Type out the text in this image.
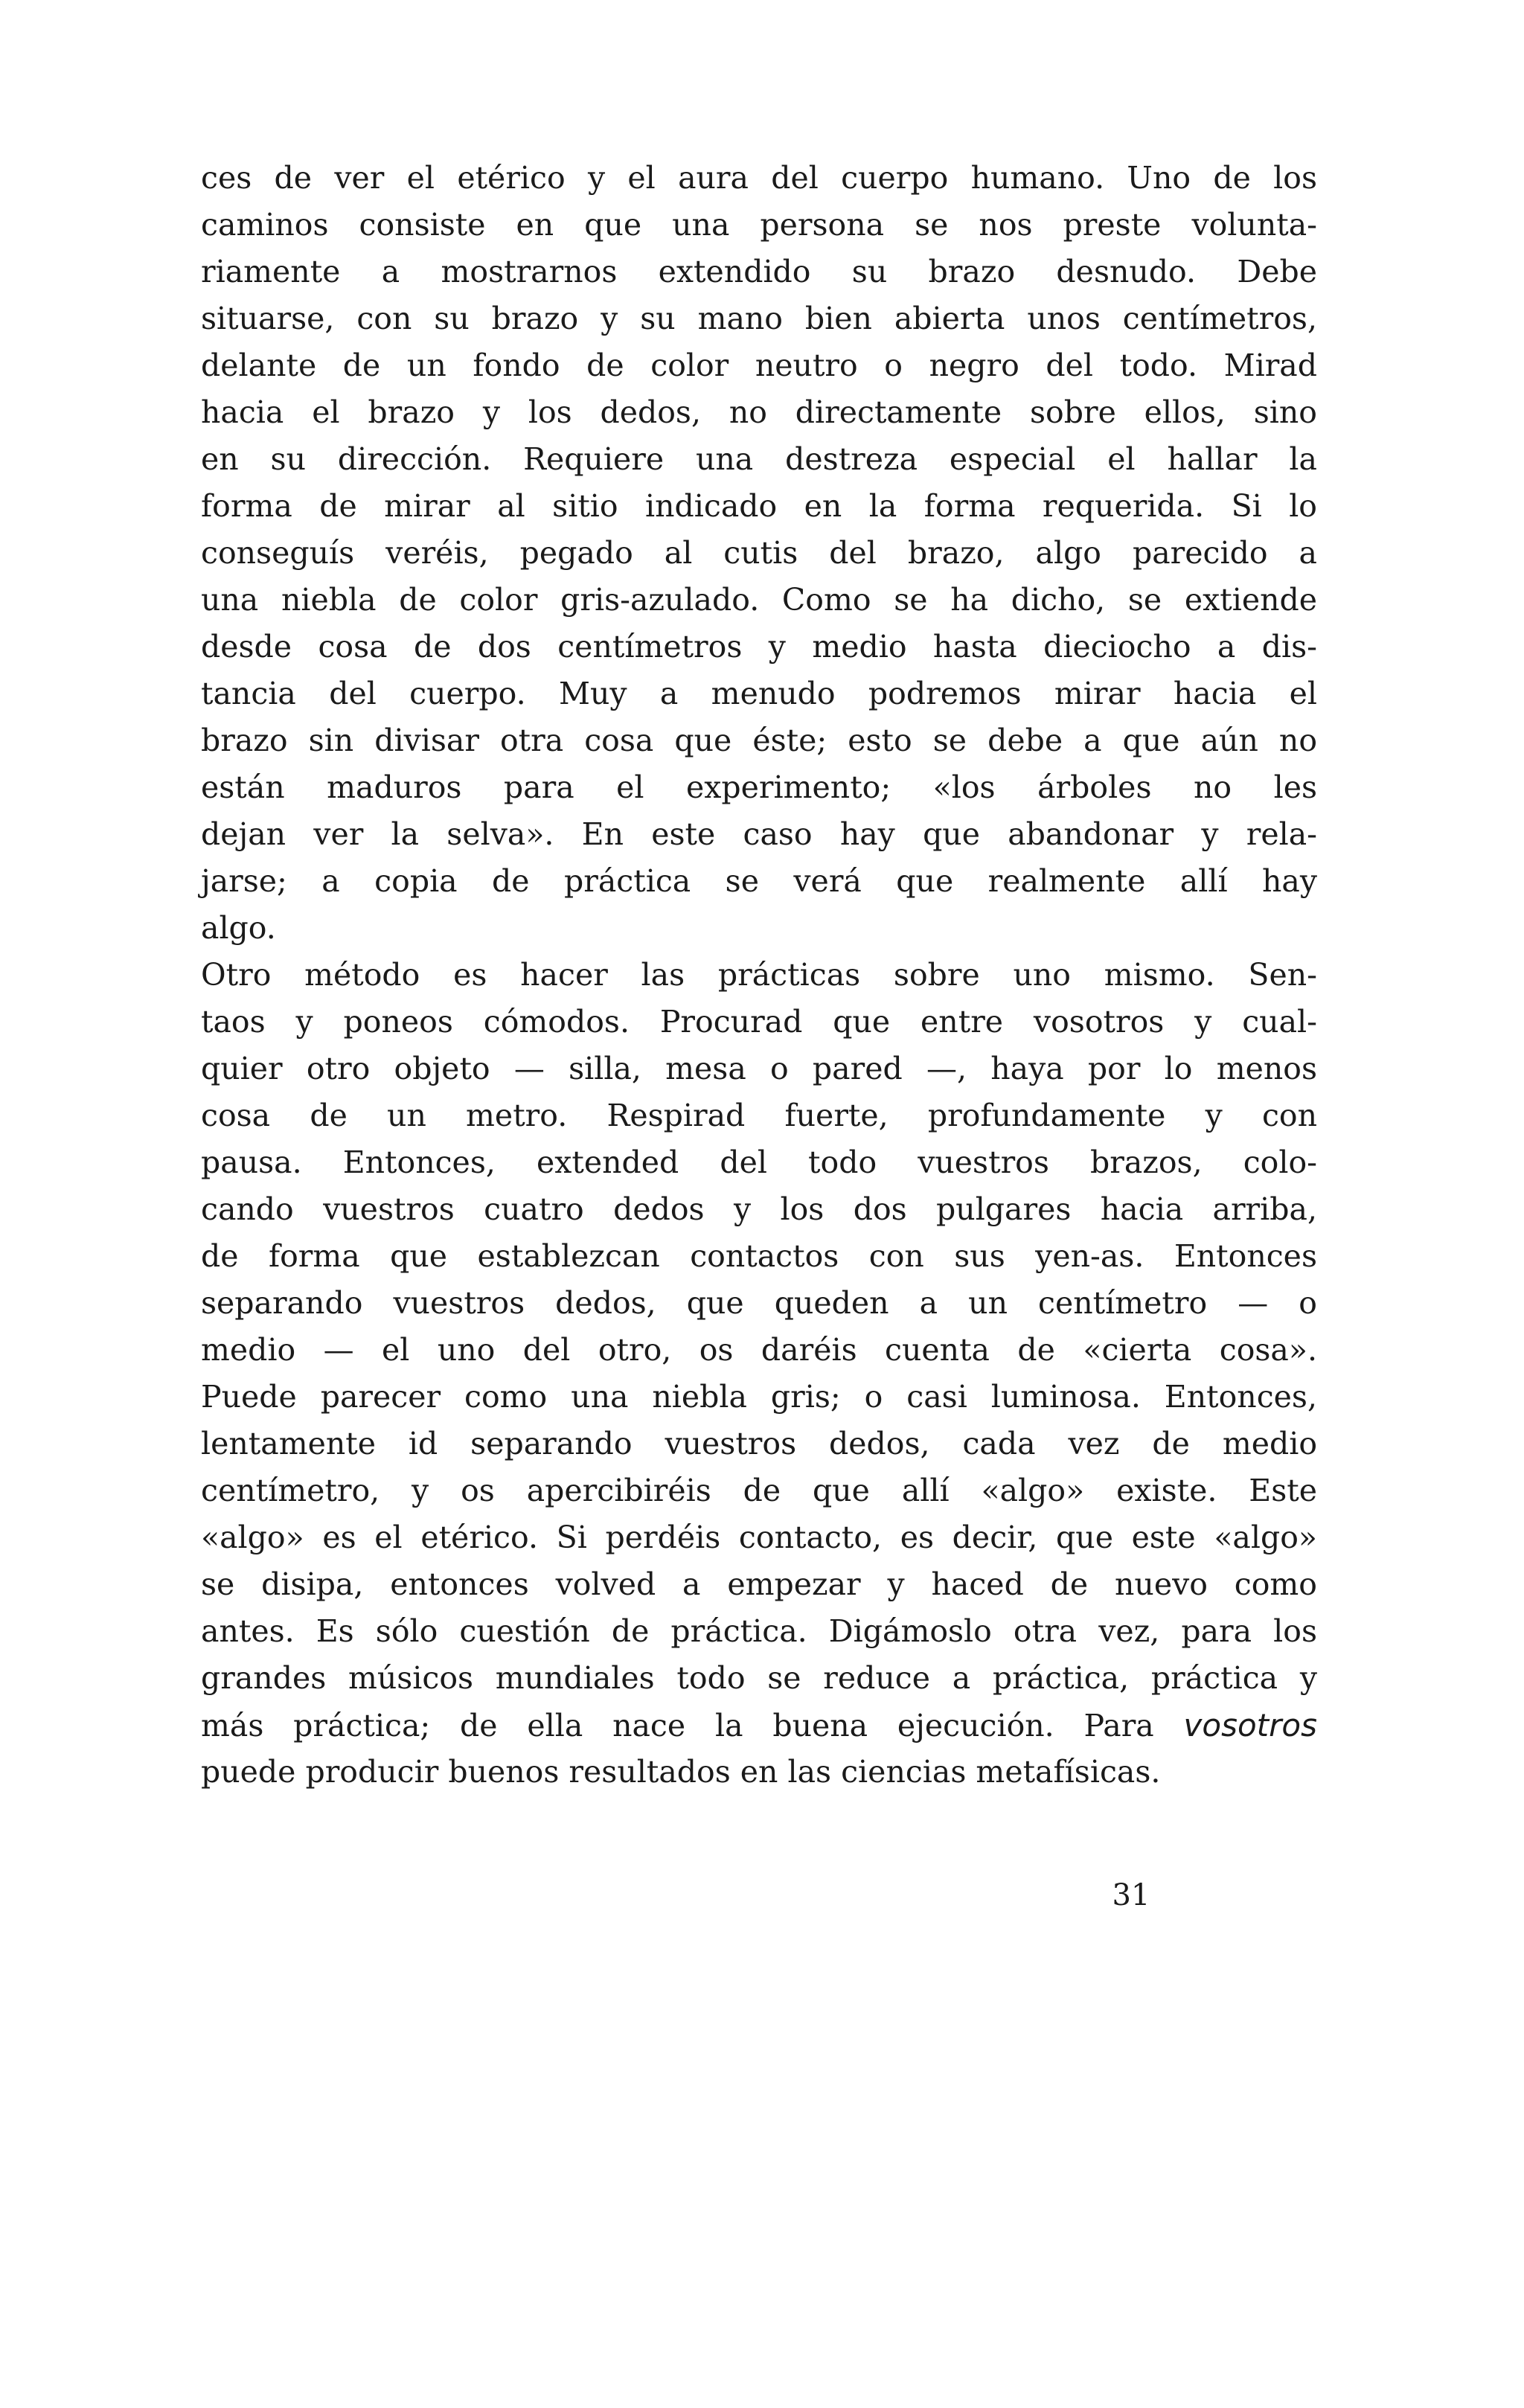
ces de ver el etérico y el aura del cuerpo humano. Uno de los
caminos consiste en que una persona se nos preste volunta-
riamente a mostrarnos extendido su brazo desnudo. Debe
situarse, con su brazo y su mano bien abierta unos centímetros,
delante de un fondo de color neutro o negro del todo. Mirad
hacia el brazo y los dedos, no directamente sobre ellos, sino
en su dirección. Requiere una destreza especial el hallar la
forma de mirar al sitio indicado en la forma requerida. Si lo
conseguís veréis, pegado al cutis del brazo, algo parecido a
una niebla de color gris-azulado. Como se ha dicho, se extiende
desde cosa de dos centímetros y medio hasta dieciocho a dis-
tancia del cuerpo. Muy a menudo podremos mirar hacia el
brazo sin divisar otra cosa que éste; esto se debe a que aún no
están maduros para el experimento; «los árboles no les
dejan ver la selva». En este caso hay que abandonar y rela-
jarse; a copia de práctica se verá que realmente allí hay
algo.
Otro método es hacer las prácticas sobre uno mismo. Sen-
taos y poneos cómodos. Procurad que entre vosotros y cual-
quier otro objeto — silla, mesa o pared —, haya por lo menos
cosa de un metro. Respirad fuerte, profundamente y con
pausa. Entonces, extended del todo vuestros brazos, colo-
cando vuestros cuatro dedos y los dos pulgares hacia arriba,
de forma que establezcan contactos con sus yen-as. Entonces
separando vuestros dedos, que queden a un centímetro — o
medio — el uno del otro, os daréis cuenta de «cierta cosa».
Puede parecer como una niebla gris; o casi luminosa. Entonces,
lentamente id separando vuestros dedos, cada vez de medio
centímetro, y os apercibiréis de que allí «algo» existe. Este
«algo» es el etérico. Si perdéis contacto, es decir, que este «algo»
se disipa, entonces volved a empezar y haced de nuevo como
antes. Es sólo cuestión de práctica. Digámoslo otra vez, para los
grandes músicos mundiales todo se reduce a práctica, práctica y
más práctica; de ella nace la buena ejecución. Para vosotros
puede producir buenos resultados en las ciencias metafísicas.
31
